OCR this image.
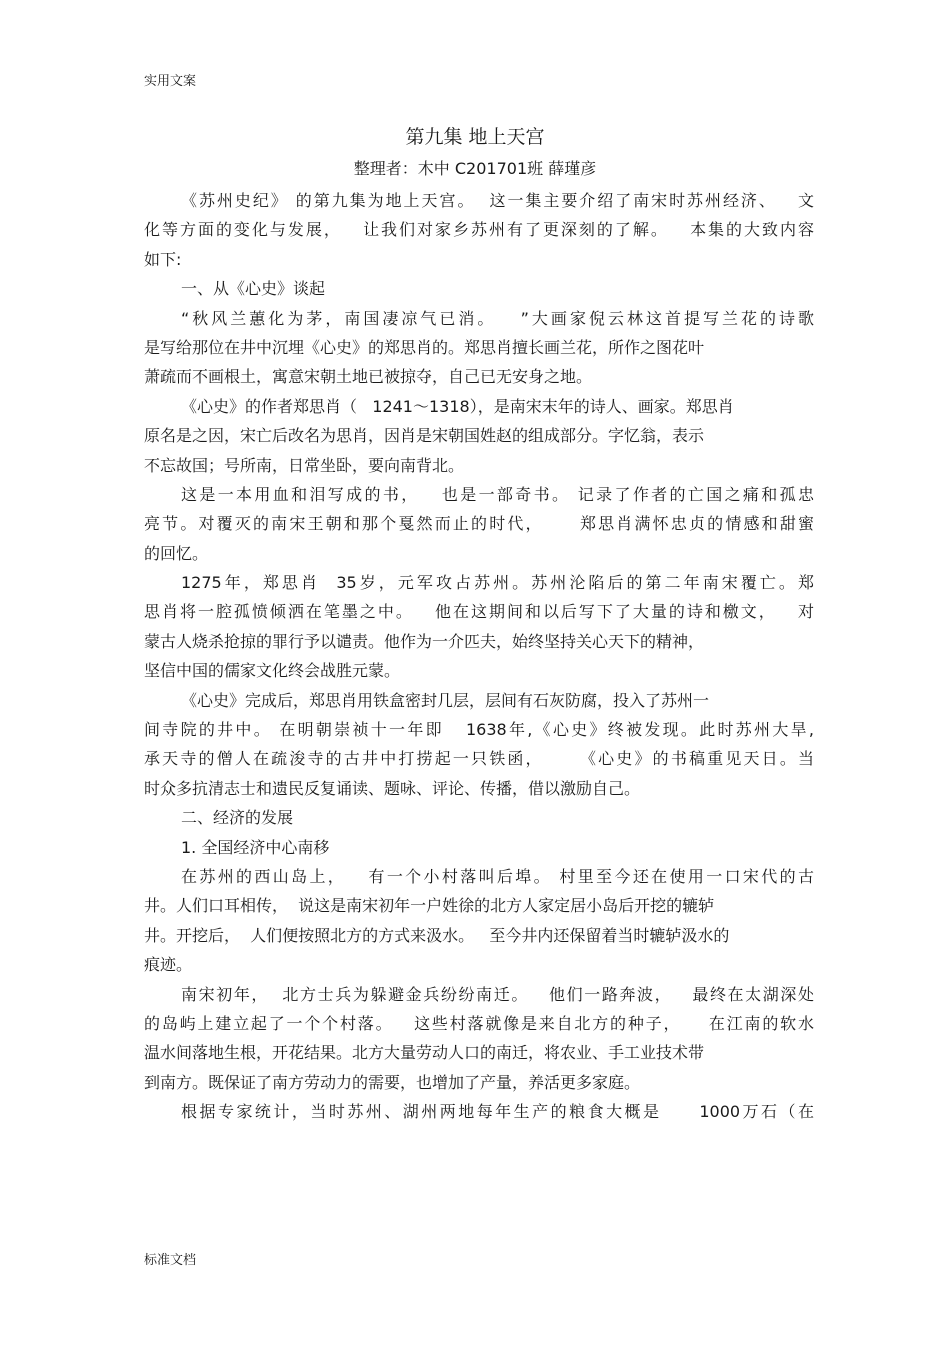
实用文案
第九集 地上天宫
整理者：木中 C201701班 薛瑾彦
《苏州史纪》 的第九集为地上天宫。  这一集主要介绍了南宋时苏州经济、   文
化等方面的变化与发展，   让我们对家乡苏州有了更深刻的了解。   本集的大致内容
如下:
一、从《心史》谈起
“秋风兰蕙化为茅，南国凄凉气已消。   ”大画家倪云林这首提写兰花的诗歌
是写给那位在井中沉埋《心史》的郑思肖的。郑思肖擅长画兰花，所作之图花叶
萧疏而不画根土，寓意宋朝土地已被掠夺，自己已无安身之地。
《心史》的作者郑思肖（   1241～1318），是南宋末年的诗人、画家。郑思肖
原名是之因，宋亡后改名为思肖，因肖是宋朝国姓赵的组成部分。字忆翁，表示
不忘故国；号所南，日常坐卧，要向南背北。
这是一本用血和泪写成的书，   也是一部奇书。 记录了作者的亡国之痛和孤忠
亮节。对覆灭的南宋王朝和那个戛然而止的时代，     郑思肖满怀忠贞的情感和甜蜜
的回忆。
1275年，郑思肖  35岁，元军攻占苏州。苏州沦陷后的第二年南宋覆亡。郑
思肖将一腔孤愤倾洒在笔墨之中。   他在这期间和以后写下了大量的诗和檄文，   对
蒙古人烧杀抢掠的罪行予以谴责。他作为一介匹夫，始终坚持关心天下的精神，
坚信中国的儒家文化终会战胜元蒙。
《心史》完成后，郑思肖用铁盒密封几层，层间有石灰防腐，投入了苏州一
间寺院的井中。 在明朝崇祯十一年即   1638年,《心史》终被发现。此时苏州大旱,
承天寺的僧人在疏浚寺的古井中打捞起一只铁函，     《心史》的书稿重见天日。当
时众多抗清志士和遗民反复诵读、题咏、评论、传播，借以激励自己。
二、经济的发展
1. 全国经济中心南移
在苏州的西山岛上，   有一个小村落叫后埠。 村里至今还在使用一口宋代的古
井。人们口耳相传，  说这是南宋初年一户姓徐的北方人家定居小岛后开挖的辘轳
井。开挖后，  人们便按照北方的方式来汲水。   至今井内还保留着当时辘轳汲水的
痕迹。
南宋初年，  北方士兵为躲避金兵纷纷南迁。   他们一路奔波，   最终在太湖深处
的岛屿上建立起了一个个村落。   这些村落就像是来自北方的种子，    在江南的软水
温水间落地生根，开花结果。北方大量劳动人口的南迁，将农业、手工业技术带
到南方。既保证了南方劳动力的需要，也增加了产量，养活更多家庭。
根据专家统计，当时苏州、湖州两地每年生产的粮食大概是     1000万石（在
标准文档
